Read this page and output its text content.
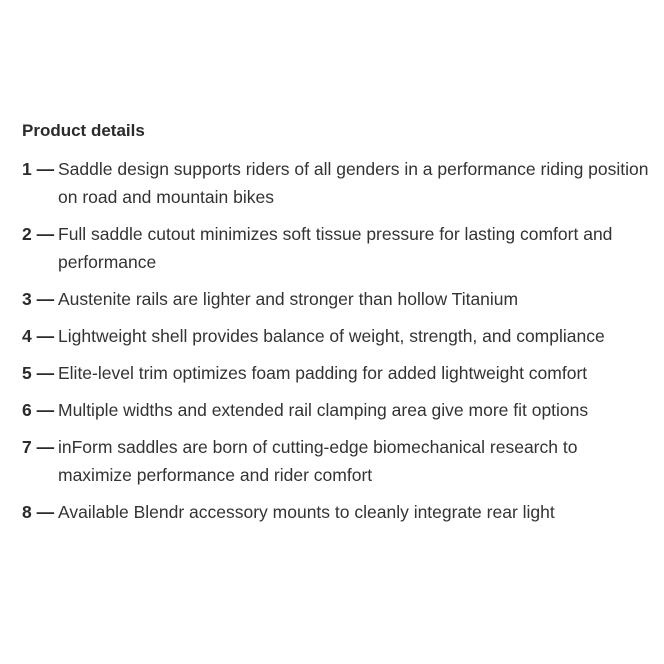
Product details
1 — Saddle design supports riders of all genders in a performance riding position on road and mountain bikes
2 — Full saddle cutout minimizes soft tissue pressure for lasting comfort and performance
3 — Austenite rails are lighter and stronger than hollow Titanium
4 — Lightweight shell provides balance of weight, strength, and compliance
5 — Elite-level trim optimizes foam padding for added lightweight comfort
6 — Multiple widths and extended rail clamping area give more fit options
7 — inForm saddles are born of cutting-edge biomechanical research to maximize performance and rider comfort
8 — Available Blendr accessory mounts to cleanly integrate rear light
